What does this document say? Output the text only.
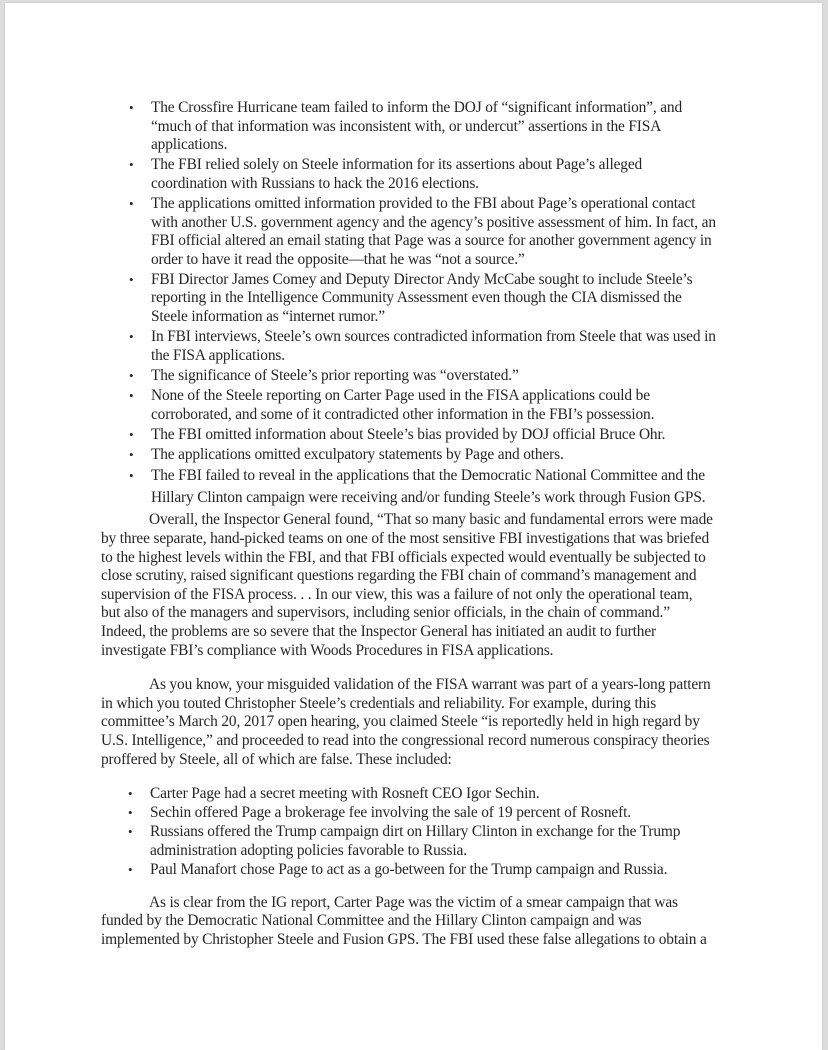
• The Crossfire Hurricane team failed to inform the DOJ of “significant information”, and
“much of that information was inconsistent with, or undercut” assertions in the FISA
applications.
• The FBI relied solely on Steele information for its assertions about Page’s alleged
coordination with Russians to hack the 2016 elections.
• The applications omitted information provided to the FBI about Page’s operational contact
with another U.S. government agency and the agency’s positive assessment of him. In fact, an
FBI official altered an email stating that Page was a source for another government agency in
order to have it read the opposite—that he was “not a source.”
• FBI Director James Comey and Deputy Director Andy McCabe sought to include Steele’s
reporting in the Intelligence Community Assessment even though the CIA dismissed the
Steele information as “internet rumor.”
• In FBI interviews, Steele’s own sources contradicted information from Steele that was used in
the FISA applications.
• The significance of Steele’s prior reporting was “overstated.”
• None of the Steele reporting on Carter Page used in the FISA applications could be
corroborated, and some of it contradicted other information in the FBI’s possession.
• The FBI omitted information about Steele’s bias provided by DOJ official Bruce Ohr.
• The applications omitted exculpatory statements by Page and others.
• The FBI failed to reveal in the applications that the Democratic National Committee and the
Hillary Clinton campaign were receiving and/or funding Steele’s work through Fusion GPS.

Overall, the Inspector General found, “That so many basic and fundamental errors were made
by three separate, hand-picked teams on one of the most sensitive FBI investigations that was briefed
to the highest levels within the FBI, and that FBI officials expected would eventually be subjected to
close scrutiny, raised significant questions regarding the FBI chain of command’s management and
supervision of the FISA process. . . In our view, this was a failure of not only the operational team,
but also of the managers and supervisors, including senior officials, in the chain of command.”
Indeed, the problems are so severe that the Inspector General has initiated an audit to further
investigate FBI’s compliance with Woods Procedures in FISA applications.

As you know, your misguided validation of the FISA warrant was part of a years-long pattern
in which you touted Christopher Steele’s credentials and reliability. For example, during this
committee’s March 20, 2017 open hearing, you claimed Steele “is reportedly held in high regard by
U.S. Intelligence,” and proceeded to read into the congressional record numerous conspiracy theories
proffered by Steele, all of which are false. These included:

• Carter Page had a secret meeting with Rosneft CEO Igor Sechin.
• Sechin offered Page a brokerage fee involving the sale of 19 percent of Rosneft.
• Russians offered the Trump campaign dirt on Hillary Clinton in exchange for the Trump
administration adopting policies favorable to Russia.
• Paul Manafort chose Page to act as a go-between for the Trump campaign and Russia.

As is clear from the IG report, Carter Page was the victim of a smear campaign that was
funded by the Democratic National Committee and the Hillary Clinton campaign and was
implemented by Christopher Steele and Fusion GPS. The FBI used these false allegations to obtain a
